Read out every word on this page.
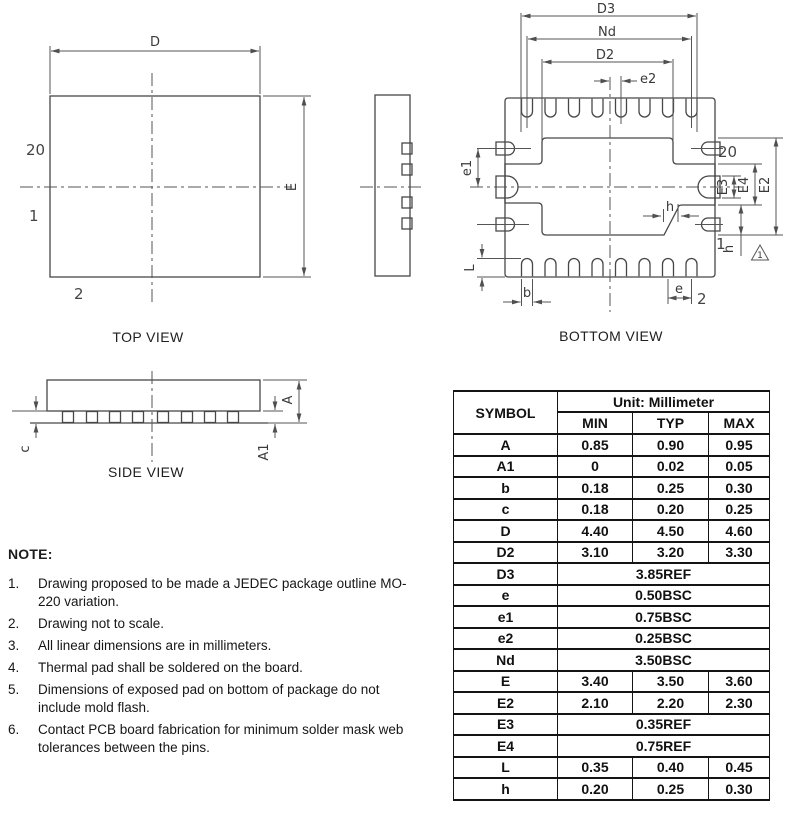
D
E
20
1
2
TOP VIEW
D3
Nd
D2
e2
e1
L
b	e
h
E3 E4 E2
h
20
1
2
1
BOTTOM VIEW
A
A1
c
SIDE VIEW
NOTE:
1.	Drawing proposed to be made a JEDEC package outline MO-220 variation.
2.	Drawing not to scale.
3.	All linear dimensions are in millimeters.
4.	Thermal pad shall be soldered on the board.
5.	Dimensions of exposed pad on bottom of package do not include mold flash.
6.	Contact PCB board fabrication for minimum solder mask web tolerances between the pins.
SYMBOL	Unit: Millimeter		
	MIN	TYP	MAX
A	0.85	0.90	0.95
A1	0	0.02	0.05
b	0.18	0.25	0.30
c	0.18	0.20	0.25
D	4.40	4.50	4.60
D2	3.10	3.20	3.30
D3	3.85REF		
e	0.50BSC		
e1	0.75BSC		
e2	0.25BSC		
Nd	3.50BSC		
E	3.40	3.50	3.60
E2	2.10	2.20	2.30
E3	0.35REF		
E4	0.75REF		
L	0.35	0.40	0.45
h	0.20	0.25	0.30
